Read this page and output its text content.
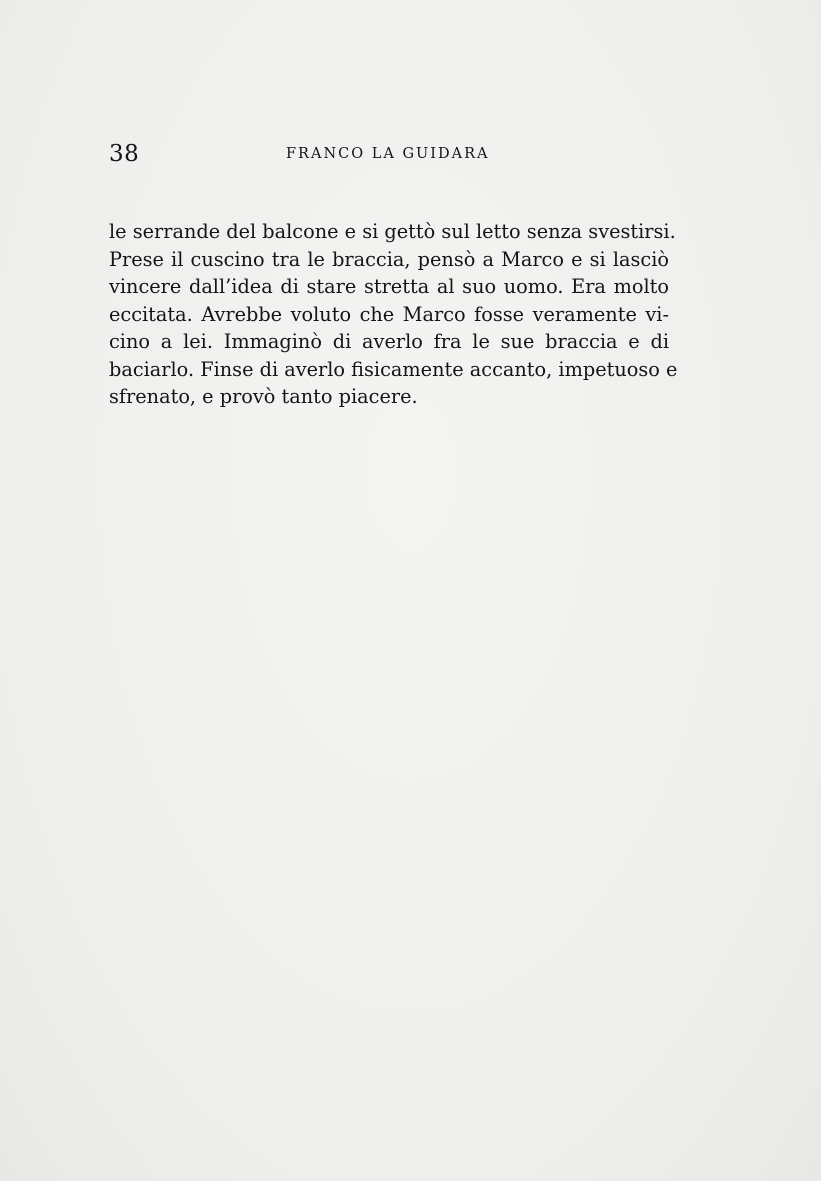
38	FRANCO LA GUIDARA
le serrande del balcone e si gettò sul letto senza svestirsi.
Prese il cuscino tra le braccia, pensò a Marco e si lasciò
vincere dall’idea di stare stretta al suo uomo. Era molto
eccitata. Avrebbe voluto che Marco fosse veramente vi-
cino a lei. Immaginò di averlo fra le sue braccia e di
baciarlo. Finse di averlo fisicamente accanto, impetuoso e
sfrenato, e provò tanto piacere.
